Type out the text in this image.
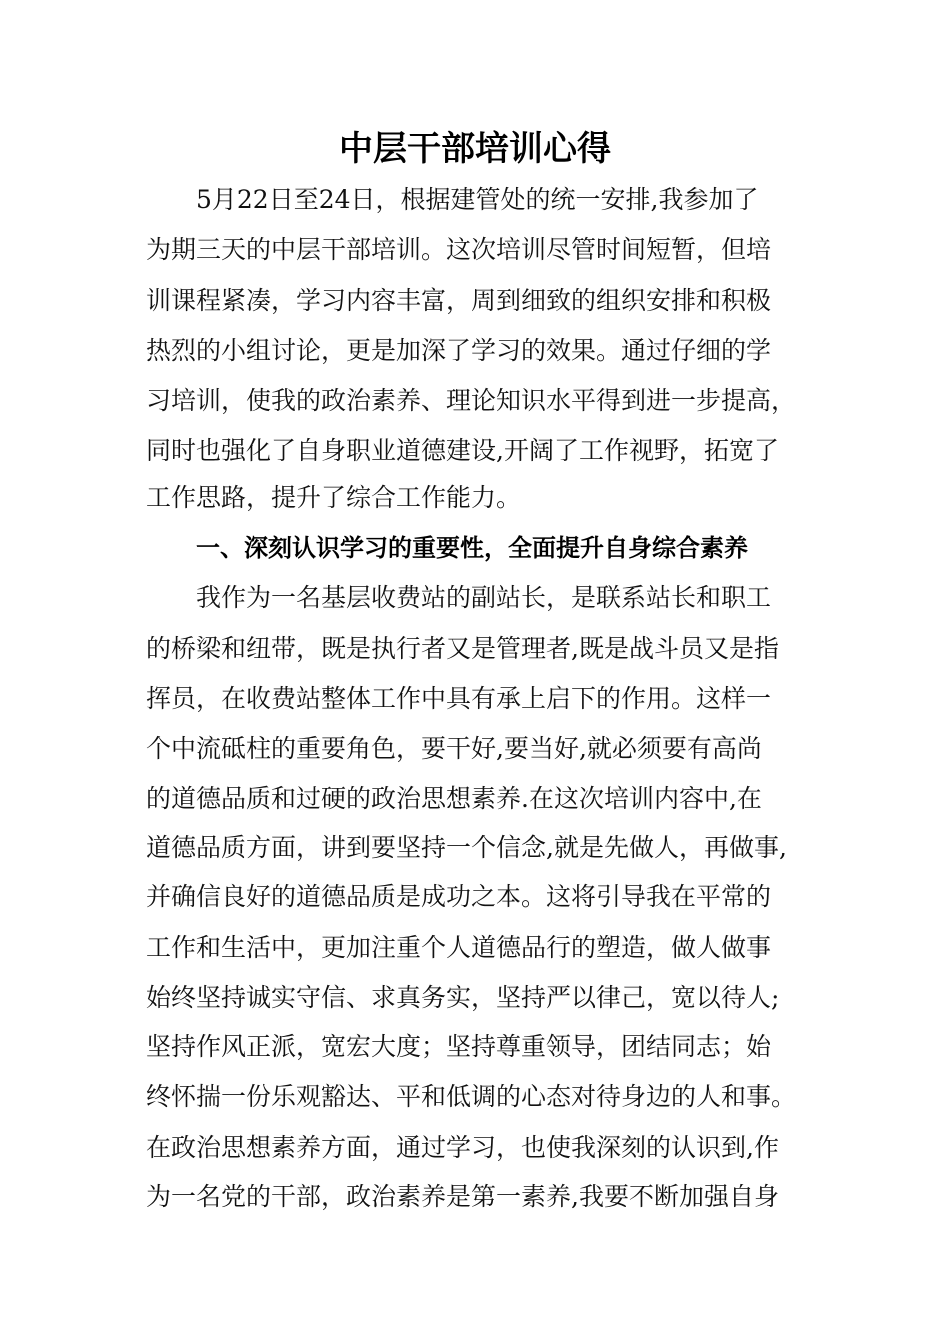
中层干部培训心得
5月22日至24日，根据建管处的统一安排,我参加了
为期三天的中层干部培训。这次培训尽管时间短暂，但培
训课程紧凑，学习内容丰富，周到细致的组织安排和积极
热烈的小组讨论，更是加深了学习的效果。通过仔细的学
习培训，使我的政治素养、理论知识水平得到进一步提高，
同时也强化了自身职业道德建设,开阔了工作视野，拓宽了
工作思路，提升了综合工作能力。
一、深刻认识学习的重要性，全面提升自身综合素养
我作为一名基层收费站的副站长，是联系站长和职工
的桥梁和纽带，既是执行者又是管理者,既是战斗员又是指
挥员，在收费站整体工作中具有承上启下的作用。这样一
个中流砥柱的重要角色，要干好,要当好,就必须要有高尚
的道德品质和过硬的政治思想素养.在这次培训内容中,在
道德品质方面，讲到要坚持一个信念,就是先做人，再做事,
并确信良好的道德品质是成功之本。这将引导我在平常的
工作和生活中，更加注重个人道德品行的塑造，做人做事
始终坚持诚实守信、求真务实，坚持严以律己，宽以待人;
坚持作风正派，宽宏大度；坚持尊重领导，团结同志；始
终怀揣一份乐观豁达、平和低调的心态对待身边的人和事。
在政治思想素养方面，通过学习，也使我深刻的认识到,作
为一名党的干部，政治素养是第一素养,我要不断加强自身
